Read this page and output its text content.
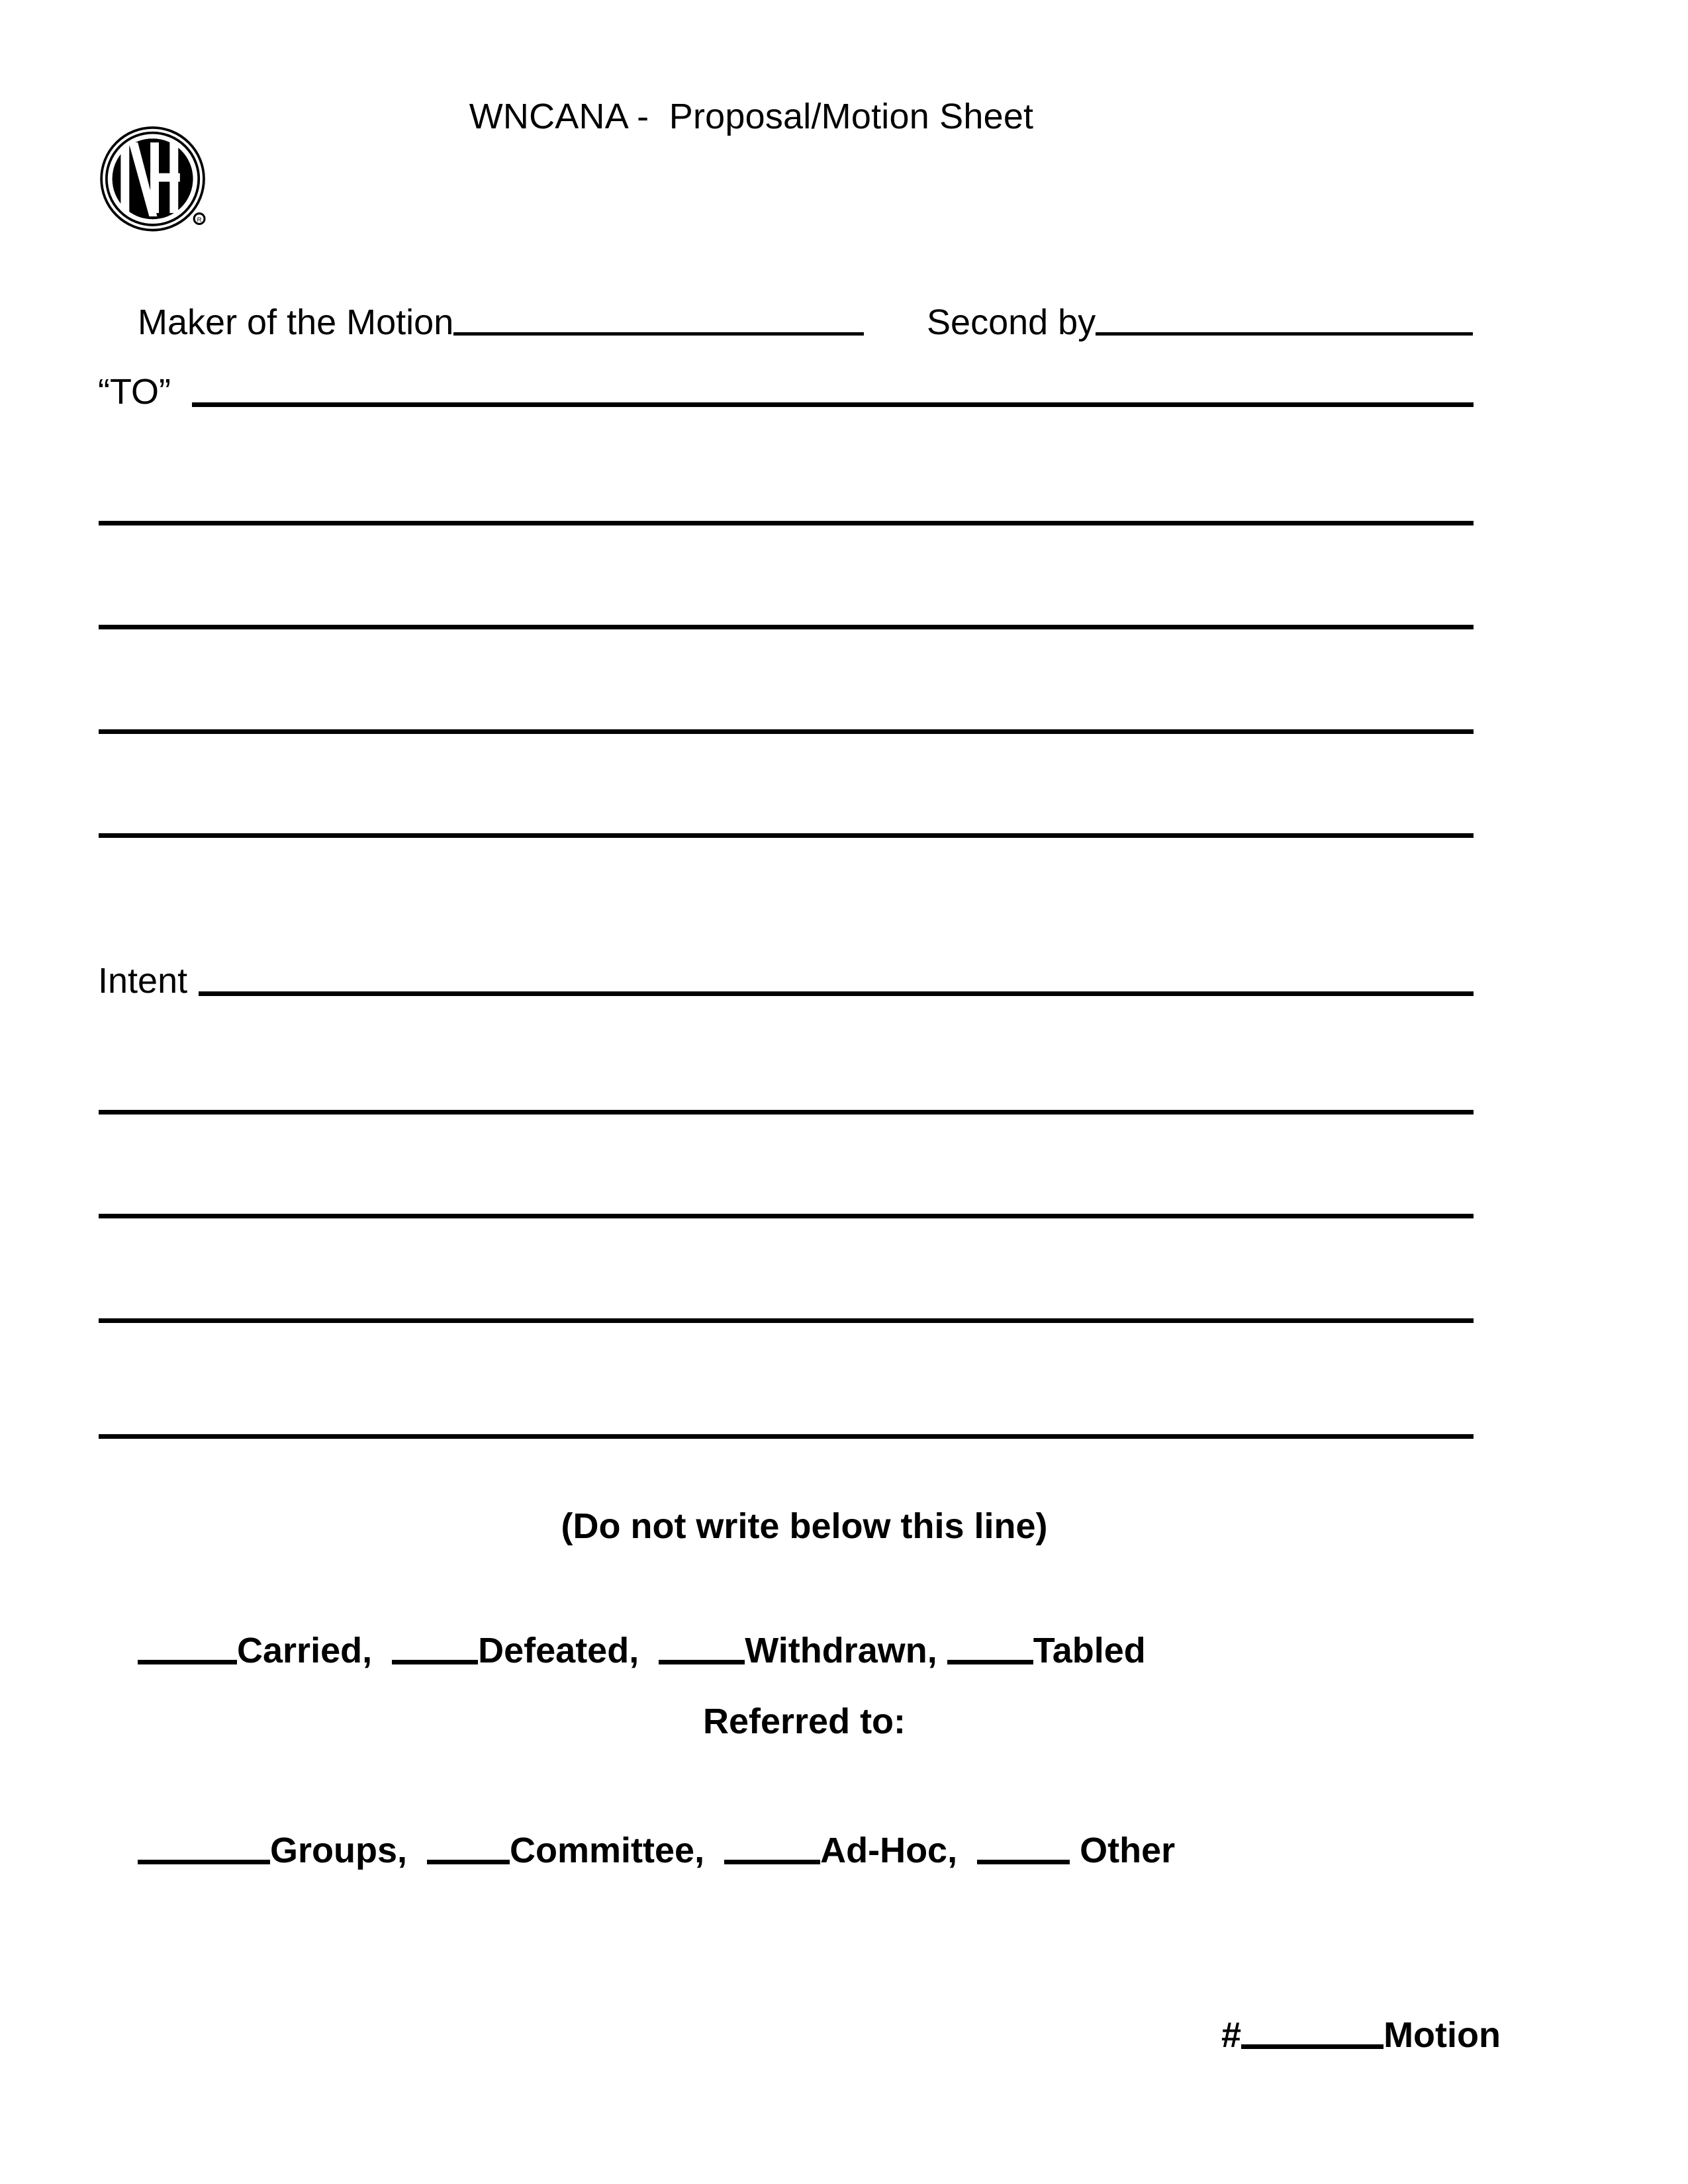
WNCANA -  Proposal/Motion Sheet
R

Maker of the Motion
	Second by

“TO”
Intent
(Do not write below this line)

Carried,	Defeated,	Withdrawn,	Tabled

Referred to:

Groups,	Committee,	Ad-Hoc,	Other

#	Motion
